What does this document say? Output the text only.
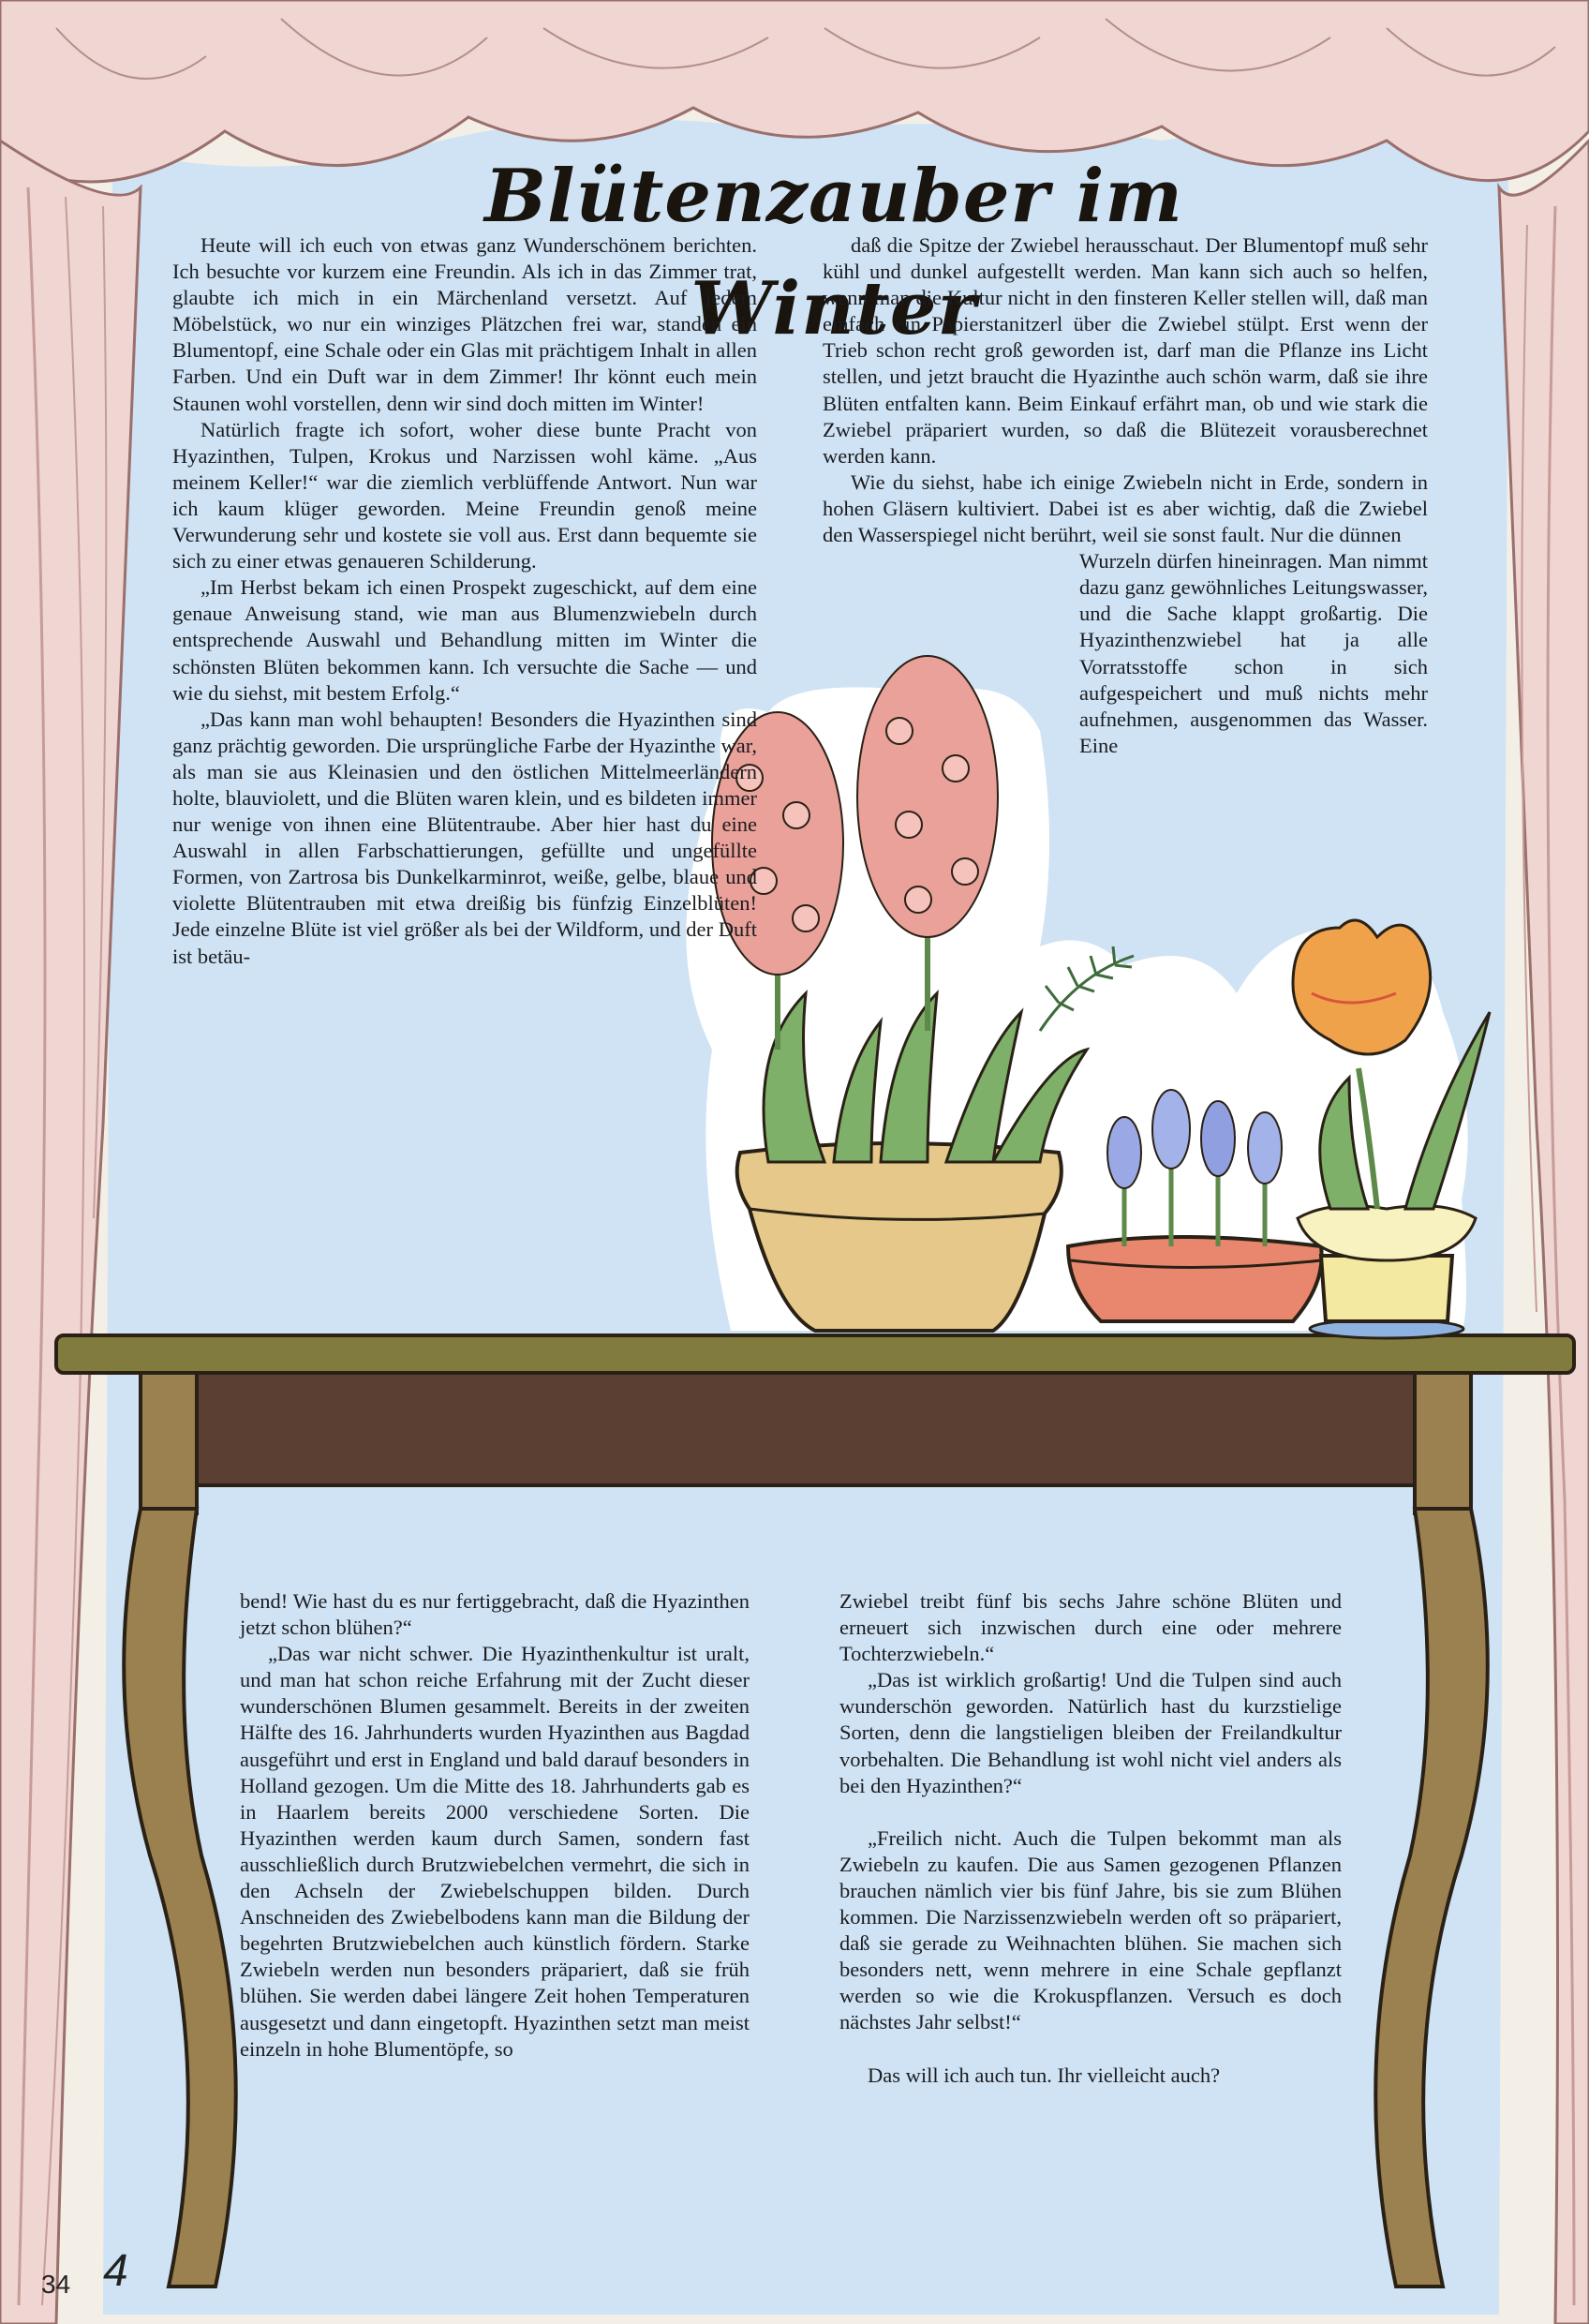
Blütenzauber im Winter

Heute will ich euch von etwas ganz Wunderschönem berichten. Ich besuchte vor kurzem eine Freundin. Als ich in das Zimmer trat, glaubte ich mich in ein Märchenland versetzt. Auf jedem Möbelstück, wo nur ein winziges Plätzchen frei war, standen ein Blumentopf, eine Schale oder ein Glas mit prächtigem Inhalt in allen Farben. Und ein Duft war in dem Zimmer! Ihr könnt euch mein Staunen wohl vorstellen, denn wir sind doch mitten im Winter!

Natürlich fragte ich sofort, woher diese bunte Pracht von Hyazinthen, Tulpen, Krokus und Narzissen wohl käme. „Aus meinem Keller!“ war die ziemlich verblüffende Antwort. Nun war ich kaum klüger geworden. Meine Freundin genoß meine Verwunderung sehr und kostete sie voll aus. Erst dann bequemte sie sich zu einer etwas genaueren Schilderung.

„Im Herbst bekam ich einen Prospekt zugeschickt, auf dem eine genaue Anweisung stand, wie man aus Blumenzwiebeln durch entsprechende Auswahl und Behandlung mitten im Winter die schönsten Blüten bekommen kann. Ich versuchte die Sache — und wie du siehst, mit bestem Erfolg.“

„Das kann man wohl behaupten! Besonders die Hyazinthen sind ganz prächtig geworden. Die ursprüngliche Farbe der Hyazinthe war, als man sie aus Kleinasien und den östlichen Mittelmeerländern holte, blauviolett, und die Blüten waren klein, und es bildeten immer nur wenige von ihnen eine Blütentraube. Aber hier hast du eine Auswahl in allen Farbschattierungen, gefüllte und ungefüllte Formen, von Zartrosa bis Dunkelkarminrot, weiße, gelbe, blaue und violette Blütentrauben mit etwa dreißig bis fünfzig Einzelblüten! Jede einzelne Blüte ist viel größer als bei der Wildform, und der Duft ist betäu-

daß die Spitze der Zwiebel herausschaut. Der Blumentopf muß sehr kühl und dunkel aufgestellt werden. Man kann sich auch so helfen, wenn man die Kultur nicht in den finsteren Keller stellen will, daß man einfach ein Papierstanitzerl über die Zwiebel stülpt. Erst wenn der Trieb schon recht groß geworden ist, darf man die Pflanze ins Licht stellen, und jetzt braucht die Hyazinthe auch schön warm, daß sie ihre Blüten entfalten kann. Beim Einkauf erfährt man, ob und wie stark die Zwiebel präpariert wurden, so daß die Blütezeit vorausberechnet werden kann.

Wie du siehst, habe ich einige Zwiebeln nicht in Erde, sondern in hohen Gläsern kultiviert. Dabei ist es aber wichtig, daß die Zwiebel den Wasserspiegel nicht berührt, weil sie sonst fault. Nur die dünnen

Wurzeln dürfen hineinragen. Man nimmt dazu ganz gewöhnliches Leitungswasser, und die Sache klappt großartig. Die Hyazinthenzwiebel hat ja alle Vorratsstoffe schon in sich aufgespeichert und muß nichts mehr aufnehmen, ausgenommen das Wasser. Eine

bend! Wie hast du es nur fertiggebracht, daß die Hyazinthen jetzt schon blühen?“

„Das war nicht schwer. Die Hyazinthenkultur ist uralt, und man hat schon reiche Erfahrung mit der Zucht dieser wunderschönen Blumen gesammelt. Bereits in der zweiten Hälfte des 16. Jahrhunderts wurden Hyazinthen aus Bagdad ausgeführt und erst in England und bald darauf besonders in Holland gezogen. Um die Mitte des 18. Jahrhunderts gab es in Haarlem bereits 2000 verschiedene Sorten. Die Hyazinthen werden kaum durch Samen, sondern fast ausschließlich durch Brutzwiebelchen vermehrt, die sich in den Achseln der Zwiebelschuppen bilden. Durch Anschneiden des Zwiebelbodens kann man die Bildung der begehrten Brutzwiebelchen auch künstlich fördern. Starke Zwiebeln werden nun besonders präpariert, daß sie früh blühen. Sie werden dabei längere Zeit hohen Temperaturen ausgesetzt und dann eingetopft. Hyazinthen setzt man meist einzeln in hohe Blumentöpfe, so

Zwiebel treibt fünf bis sechs Jahre schöne Blüten und erneuert sich inzwischen durch eine oder mehrere Tochterzwiebeln.“

„Das ist wirklich großartig! Und die Tulpen sind auch wunderschön geworden. Natürlich hast du kurzstielige Sorten, denn die langstieligen bleiben der Freilandkultur vorbehalten. Die Behandlung ist wohl nicht viel anders als bei den Hyazinthen?“

„Freilich nicht. Auch die Tulpen bekommt man als Zwiebeln zu kaufen. Die aus Samen gezogenen Pflanzen brauchen nämlich vier bis fünf Jahre, bis sie zum Blühen kommen. Die Narzissenzwiebeln werden oft so präpariert, daß sie gerade zu Weihnachten blühen. Sie machen sich besonders nett, wenn mehrere in eine Schale gepflanzt werden so wie die Krokuspflanzen. Versuch es doch nächstes Jahr selbst!“

Das will ich auch tun. Ihr vielleicht auch?

34 4
